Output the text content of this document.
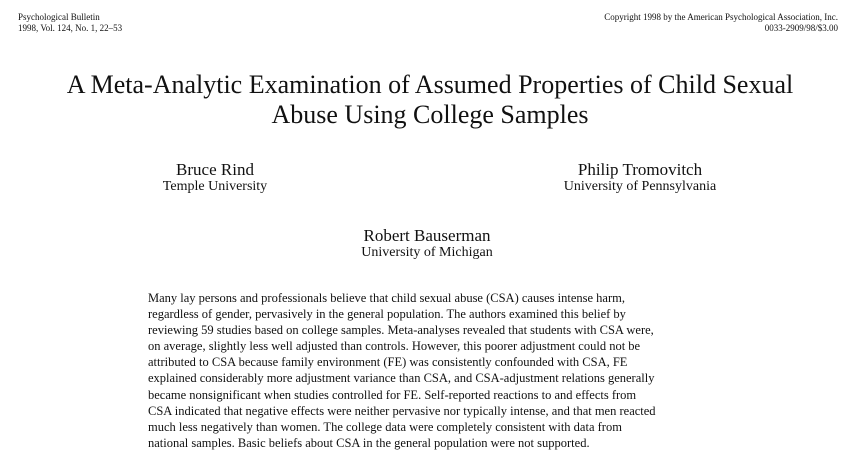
Psychological Bulletin
1998, Vol. 124, No. 1, 22–53
Copyright 1998 by the American Psychological Association, Inc.
0033-2909/98/$3.00
A Meta-Analytic Examination of Assumed Properties of Child Sexual
Abuse Using College Samples
Bruce Rind
Temple University
Philip Tromovitch
University of Pennsylvania
Robert Bauserman
University of Michigan
Many lay persons and professionals believe that child sexual abuse (CSA) causes intense harm,
regardless of gender, pervasively in the general population. The authors examined this belief by
reviewing 59 studies based on college samples. Meta-analyses revealed that students with CSA were,
on average, slightly less well adjusted than controls. However, this poorer adjustment could not be
attributed to CSA because family environment (FE) was consistently confounded with CSA, FE
explained considerably more adjustment variance than CSA, and CSA-adjustment relations generally
became nonsignificant when studies controlled for FE. Self-reported reactions to and effects from
CSA indicated that negative effects were neither pervasive nor typically intense, and that men reacted
much less negatively than women. The college data were completely consistent with data from
national samples. Basic beliefs about CSA in the general population were not supported.
